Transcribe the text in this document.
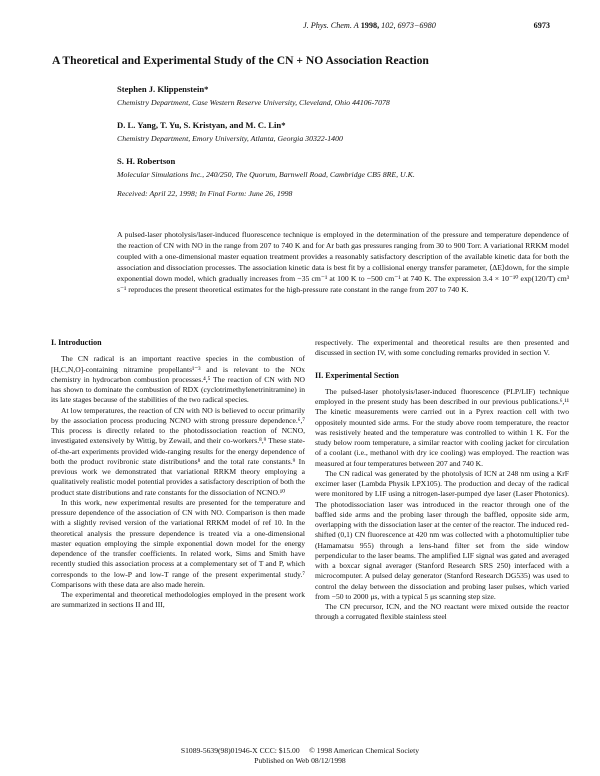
J. Phys. Chem. A 1998, 102, 6973−6980	6973
A Theoretical and Experimental Study of the CN + NO Association Reaction
Stephen J. Klippenstein*
Chemistry Department, Case Western Reserve University, Cleveland, Ohio 44106-7078
D. L. Yang, T. Yu, S. Kristyan, and M. C. Lin*
Chemistry Department, Emory University, Atlanta, Georgia 30322-1400
S. H. Robertson
Molecular Simulations Inc., 240/250, The Quorum, Barnwell Road, Cambridge CB5 8RE, U.K.
Received: April 22, 1998; In Final Form: June 26, 1998

A pulsed-laser photolysis/laser-induced fluorescence technique is employed in the determination of the pressure and temperature dependence of the reaction of CN with NO in the range from 207 to 740 K and for Ar bath gas pressures ranging from 30 to 900 Torr. A variational RRKM model coupled with a one-dimensional master equation treatment provides a reasonably satisfactory description of the available kinetic data for both the association and dissociation processes. The association kinetic data is best fit by a collisional energy transfer parameter, ⟨ΔE⟩down, for the simple exponential down model, which gradually increases from −35 cm⁻¹ at 100 K to −500 cm⁻¹ at 740 K. The expression 3.4 × 10⁻¹⁰ exp(120/T) cm³ s⁻¹ reproduces the present theoretical estimates for the high-pressure rate constant in the range from 207 to 740 K.

I. Introduction

The CN radical is an important reactive species in the combustion of [H,C,N,O]-containing nitramine propellants¹⁻³ and is relevant to the NOx chemistry in hydrocarbon combustion processes.⁴,⁵ The reaction of CN with NO has shown to dominate the combustion of RDX (cyclotrimethylenetrinitramine) in its late stages because of the stabilities of the two radical species.

At low temperatures, the reaction of CN with NO is believed to occur primarily by the association process producing NCNO with strong pressure dependence.⁶,⁷ This process is directly related to the photodissociation reaction of NCNO, investigated extensively by Wittig, by Zewail, and their co-workers.⁸,⁹ These state-of-the-art experiments provided wide-ranging results for the energy dependence of both the product rovibronic state distributions⁸ and the total rate constants.⁹ In previous work we demonstrated that variational RRKM theory employing a qualitatively realistic model potential provides a satisfactory description of both the product state distributions and rate constants for the dissociation of NCNO.¹⁰

In this work, new experimental results are presented for the temperature and pressure dependence of the association of CN with NO. Comparison is then made with a slightly revised version of the variational RRKM model of ref 10. In the theoretical analysis the pressure dependence is treated via a one-dimensional master equation employing the simple exponential down model for the energy dependence of the transfer coefficients. In related work, Sims and Smith have recently studied this association process at a complementary set of T and P, which corresponds to the low-P and low-T range of the present experimental study.⁷ Comparisons with these data are also made herein.

The experimental and theoretical methodologies employed in the present work are summarized in sections II and III,

respectively. The experimental and theoretical results are then presented and discussed in section IV, with some concluding remarks provided in section V.

II. Experimental Section

The pulsed-laser photolysis/laser-induced fluorescence (PLP/LIF) technique employed in the present study has been described in our previous publications.⁶,¹¹ The kinetic measurements were carried out in a Pyrex reaction cell with two oppositely mounted side arms. For the study above room temperature, the reactor was resistively heated and the temperature was controlled to within 1 K. For the study below room temperature, a similar reactor with cooling jacket for circulation of a coolant (i.e., methanol with dry ice cooling) was employed. The reaction was measured at four temperatures between 207 and 740 K.

The CN radical was generated by the photolysis of ICN at 248 nm using a KrF excimer laser (Lambda Physik LPX105). The production and decay of the radical were monitored by LIF using a nitrogen-laser-pumped dye laser (Laser Photonics). The photodissociation laser was introduced in the reactor through one of the baffled side arms and the probing laser through the baffled, opposite side arm, overlapping with the dissociation laser at the center of the reactor. The induced red-shifted (0,1) CN fluorescence at 420 nm was collected with a photomultiplier tube (Hamamatsu 955) through a lens-hand filter set from the side window perpendicular to the laser beams. The amplified LIF signal was gated and averaged with a boxcar signal averager (Stanford Research SRS 250) interfaced with a microcomputer. A pulsed delay generator (Stanford Research DG535) was used to control the delay between the dissociation and probing laser pulses, which varied from −50 to 2000 μs, with a typical 5 μs scanning step size.

The CN precursor, ICN, and the NO reactant were mixed outside the reactor through a corrugated flexible stainless steel

S1089-5639(98)01946-X CCC: $15.00     © 1998 American Chemical Society
Published on Web 08/12/1998
